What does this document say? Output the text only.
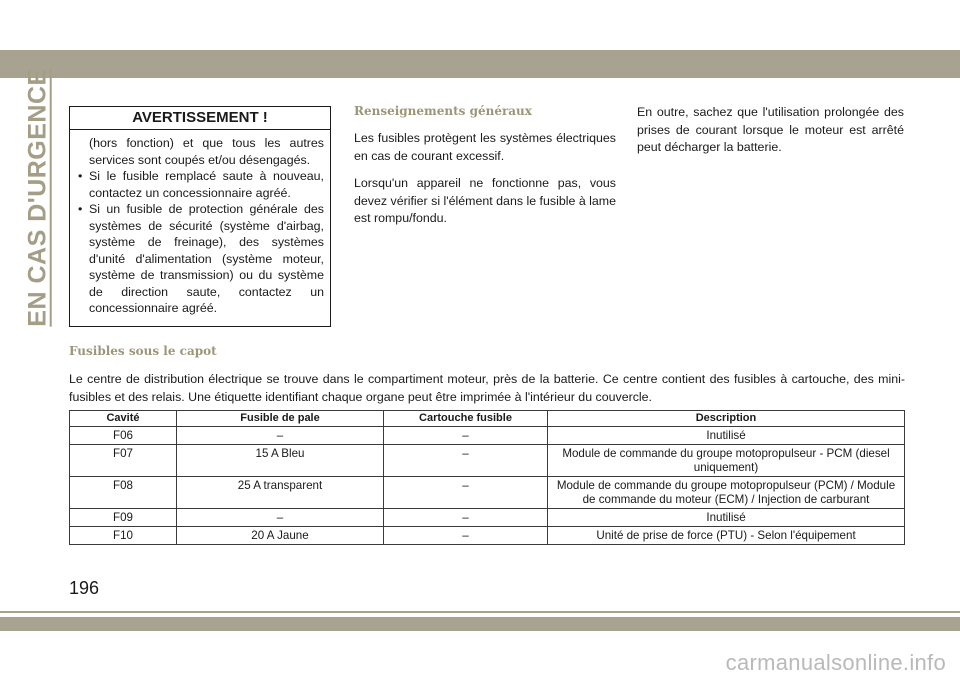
EN CAS D'URGENCE	AVERTISSEMENT !

(hors fonction) et que tous les autres services sont coupés et/ou désengagés.

• Si le fusible remplacé saute à nouveau, contactez un concessionnaire agréé.
• Si un fusible de protection générale des systèmes de sécurité (système d'airbag, système de freinage), des systèmes d'unité d'alimentation (système moteur, système de transmission) ou du système de direction saute, contactez un concessionnaire agréé.
Renseignements généraux

Les fusibles protègent les systèmes électriques en cas de courant excessif.

Lorsqu'un appareil ne fonctionne pas, vous devez vérifier si l'élément dans le fusible à lame est rompu/fondu.

En outre, sachez que l'utilisation prolongée des prises de courant lorsque le moteur est arrêté peut décharger la batterie.

Fusibles sous le capot

Le centre de distribution électrique se trouve dans le compartiment moteur, près de la batterie. Ce centre contient des fusibles à cartouche, des mini-fusibles et des relais. Une étiquette identifiant chaque organe peut être imprimée à l'intérieur du couvercle.

Cavité	Fusible de pale	Cartouche fusible	Description
F06	–	–	Inutilisé
F07	15 A Bleu	–	Module de commande du groupe motopropulseur - PCM (diesel uniquement)
F08	25 A transparent	–	Module de commande du groupe motopropulseur (PCM) / Module de commande du moteur (ECM) / Injection de carburant
F09	–	–	Inutilisé
F10	20 A Jaune	–	Unité de prise de force (PTU) - Selon l'équipement
196
carmanualsonline.info
